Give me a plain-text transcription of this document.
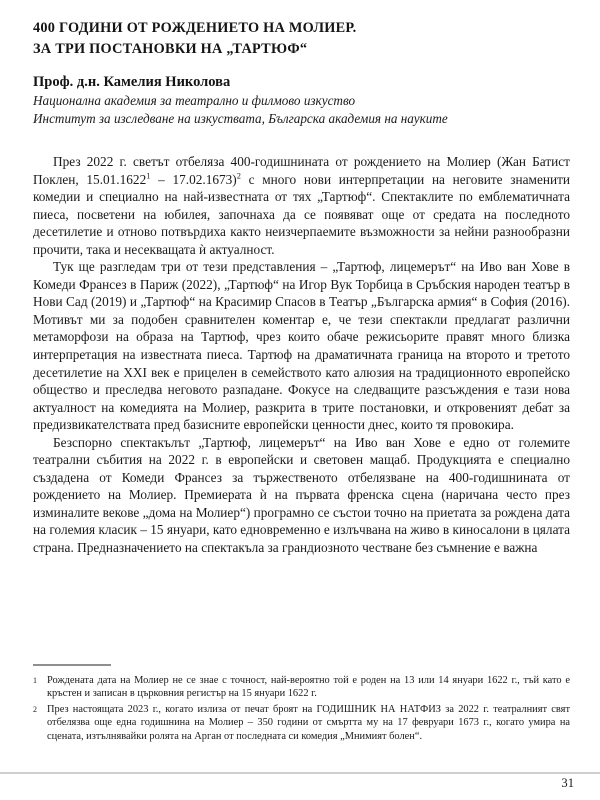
400 ГОДИНИ ОТ РОЖДЕНИЕТО НА МОЛИЕР.
ЗА ТРИ ПОСТАНОВКИ НА „ТАРТЮФ“
Проф. д.н. Камелия Николова
Национална академия за театрално и филмово изкуство
Институт за изследване на изкуствата, Българска академия на науките

През 2022 г. светът отбеляза 400-годишнината от рождението на Молиер (Жан Батист Поклен, 15.01.1622$^1$ – 17.02.1673)$^2$ с много нови интерпретации на неговите знаменити комедии и специално на най-известната от тях „Тартюф“. Спектаклите по емблематичната пиеса, посветени на юбилея, започнаха да се появяват още от средата на последното десетилетие и отново потвърдиха както неизчерпаемите възможности за нейни разнообразни прочити, така и несекващата ѝ актуалност.

Тук ще разгледам три от тези представления – „Тартюф, лицемерът“ на Иво ван Хове в Комеди Франсез в Париж (2022), „Тартюф“ на Игор Вук Торбица в Сръбския народен театър в Нови Сад (2019) и „Тартюф“ на Красимир Спасов в Театър „Българска армия“ в София (2016). Мотивът ми за подобен сравнителен коментар е, че тези спектакли предлагат различни метаморфози на образа на Тартюф, чрез които обаче режисьорите правят много близка интерпретация на известната пиеса. Тартюф на драматичната граница на второто и третото десетилетие на XXI век е прицелен в семейството като алюзия на традиционното европейско общество и преследва неговото разпадане. Фокусе на следващите разсъждения е тази нова актуалност на комедията на Молиер, разкрита в трите постановки, и откровеният дебат за предизвикателствата пред базисните европейски ценности днес, които тя провокира.

Безспорно спектакълът „Тартюф, лицемерът“ на Иво ван Хове е едно от големите театрални събития на 2022 г. в европейски и световен мащаб. Продукцията е специално създадена от Комеди Франсез за тържественото отбелязване на 400-годишнината от рождението на Молиер. Премиерата ѝ на първата френска сцена (наричана често през изминалите векове „дома на Молиер“) програмно се състои точно на приетата за рождена дата на големия класик – 15 януари, като едновременно е излъчвана на живо в киносалони в цялата страна. Предназначението на спектакъла за грандиозното честване без съмнение е важна

1 Рождената дата на Молиер не се знае с точност, най-вероятно той е роден на 13 или 14 януари 1622 г., тъй като е кръстен и записан в църковния регистър на 15 януари 1622 г.
2 През настоящата 2023 г., когато излиза от печат броят на ГОДИШНИК НА НАТФИЗ за 2022 г. театралният свят отбелязва още една годишнина на Молиер – 350 години от смъртта му на 17 февруари 1673 г., когато умира на сцената, изтълнявайки ролята на Арган от последната си комедия „Мнимият болен“.
31
